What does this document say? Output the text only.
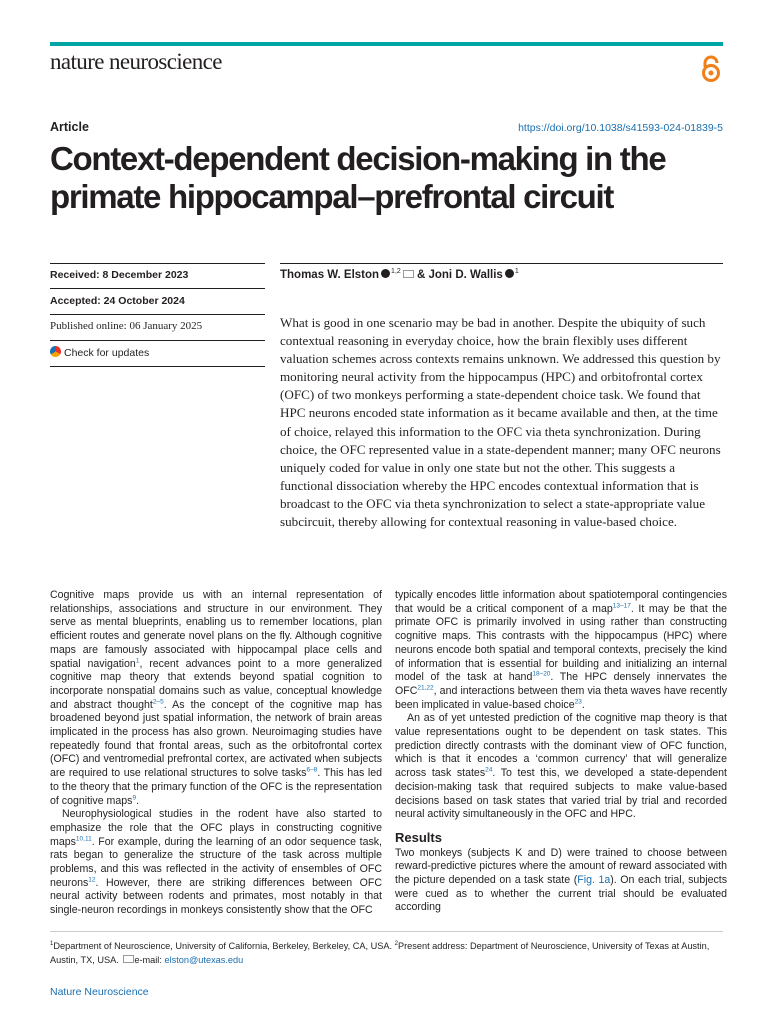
nature neuroscience
Article	https://doi.org/10.1038/s41593-024-01839-5
Context-dependent decision-making in the primate hippocampal–prefrontal circuit
Received: 8 December 2023
Accepted: 24 October 2024
Published online: 06 January 2025
Check for updates
Thomas W. Elston $^{1,2}$ & Joni D. Wallis $^1$
What is good in one scenario may be bad in another. Despite the ubiquity of such contextual reasoning in everyday choice, how the brain flexibly uses different valuation schemes across contexts remains unknown. We addressed this question by monitoring neural activity from the hippocampus (HPC) and orbitofrontal cortex (OFC) of two monkeys performing a state-dependent choice task. We found that HPC neurons encoded state information as it became available and then, at the time of choice, relayed this information to the OFC via theta synchronization. During choice, the OFC represented value in a state-dependent manner; many OFC neurons uniquely coded for value in only one state but not the other. This suggests a functional dissociation whereby the HPC encodes contextual information that is broadcast to the OFC via theta synchronization to select a state-appropriate value subcircuit, thereby allowing for contextual reasoning in value-based choice.

Cognitive maps provide us with an internal representation of relationships, associations and structure in our environment. They serve as mental blueprints, enabling us to remember locations, plan efficient routes and generate novel plans on the fly. Although cognitive maps are famously associated with hippocampal place cells and spatial navigation$^1$, recent advances point to a more generalized cognitive map theory that extends beyond spatial cognition to incorporate nonspatial domains such as value, conceptual knowledge and abstract thought$^{2-5}$. As the concept of the cognitive map has broadened beyond just spatial information, the network of brain areas implicated in the process has also grown. Neuroimaging studies have repeatedly found that frontal areas, such as the orbitofrontal cortex (OFC) and ventromedial prefrontal cortex, are activated when subjects are required to use relational structures to solve tasks$^{6-8}$. This has led to the theory that the primary function of the OFC is the representation of cognitive maps$^9$.

Neurophysiological studies in the rodent have also started to emphasize the role that the OFC plays in constructing cognitive maps$^{10,11}$. For example, during the learning of an odor sequence task, rats began to generalize the structure of the task across multiple problems, and this was reflected in the activity of ensembles of OFC neurons$^{12}$. However, there are striking differences between OFC neural activity between rodents and primates, most notably in that single-neuron recordings in monkeys consistently show that the OFC

typically encodes little information about spatiotemporal contingencies that would be a critical component of a map$^{13-17}$. It may be that the primate OFC is primarily involved in using rather than constructing cognitive maps. This contrasts with the hippocampus (HPC) where neurons encode both spatial and temporal contexts, precisely the kind of information that is essential for building and initializing an internal model of the task at hand$^{18-20}$. The HPC densely innervates the OFC$^{21,22}$, and interactions between them via theta waves have recently been implicated in value-based choice$^{23}$.

An as of yet untested prediction of the cognitive map theory is that value representations ought to be dependent on task states. This prediction directly contrasts with the dominant view of OFC function, which is that it encodes a ‘common currency’ that will generalize across task states$^{24}$. To test this, we developed a state-dependent decision-making task that required subjects to make value-based decisions based on task states that varied trial by trial and recorded neural activity simultaneously in the OFC and HPC.

Results

Two monkeys (subjects K and D) were trained to choose between reward-predictive pictures where the amount of reward associated with the picture depended on a task state (Fig. 1a). On each trial, subjects were cued as to whether the current trial should be evaluated according

$^1$Department of Neuroscience, University of California, Berkeley, Berkeley, CA, USA. $^2$Present address: Department of Neuroscience, University of Texas at Austin, Austin, TX, USA. e-mail: elston@utexas.edu
Nature Neuroscience
